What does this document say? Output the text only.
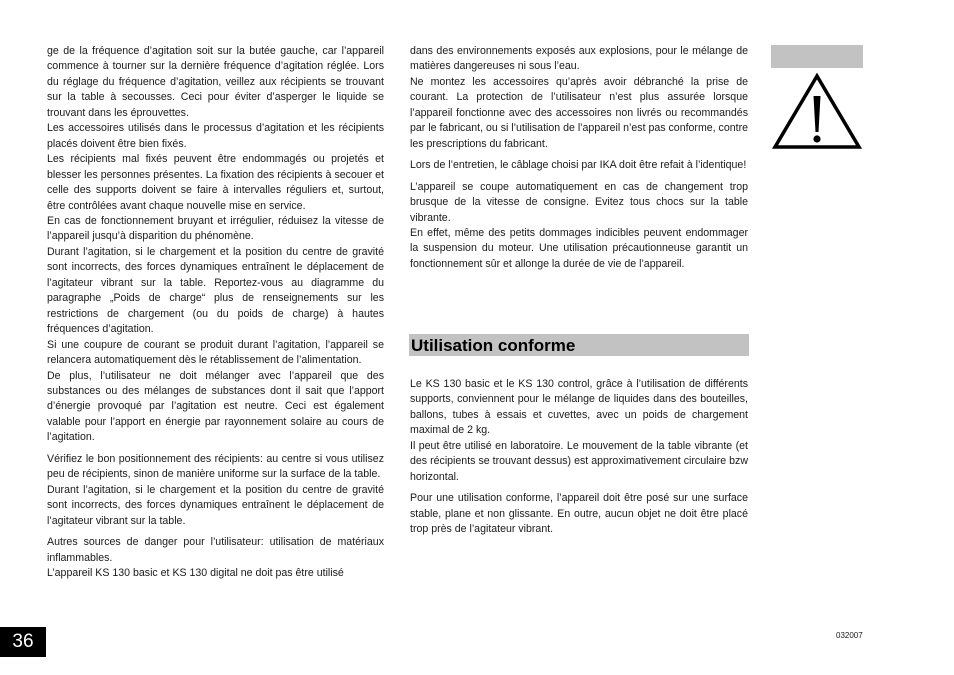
ge de la fréquence d’agitation soit sur la butée gauche, car l’appareil commence à tourner sur la dernière fréquence d’agitation réglée. Lors du réglage du fréquence d’agitation, veillez aux récipients se trouvant sur la table à secousses. Ceci pour éviter d’asperger le liquide se trouvant dans les éprouvettes.

Les accessoires utilisés dans le processus d’agitation et les récipients placés doivent être bien fixés.

Les récipients mal fixés peuvent être endommagés ou projetés et blesser les personnes présentes. La fixation des récipients à secouer et celle des supports doivent se faire à intervalles réguliers et, surtout, être contrôlées avant chaque nouvelle mise en service.

En cas de fonctionnement bruyant et irrégulier, réduisez la vitesse de l’appareil jusqu’à disparition du phénomène.

Durant l’agitation, si le chargement et la position du centre de gravité sont incorrects, des forces dynamiques entraînent le déplacement de l’agitateur vibrant sur la table. Reportez-vous au diagramme du paragraphe „Poids de charge“ plus de renseignements sur les restrictions de chargement (ou du poids de charge) à hautes fréquences d’agitation.

Si une coupure de courant se produit durant l’agitation, l’appareil se relancera automatiquement dès le rétablissement de l’alimentation.

De plus, l’utilisateur ne doit mélanger avec l’appareil que des substances ou des mélanges de substances dont il sait que l’apport d’énergie provoqué par l’agitation est neutre. Ceci est également valable pour l’apport en énergie par rayonnement solaire au cours de l’agitation.

Vérifiez le bon positionnement des récipients: au centre si vous utilisez peu de récipients, sinon de manière uniforme sur la surface de la table.

Durant l’agitation, si le chargement et la position du centre de gravité sont incorrects, des forces dynamiques entraînent le déplacement de l’agitateur vibrant sur la table.

Autres sources de danger pour l’utilisateur: utilisation de matériaux inflammables.

L’appareil KS 130 basic et KS 130 digital ne doit pas être utilisé

dans des environnements exposés aux explosions, pour le mélange de matières dangereuses ni sous l’eau.

Ne montez les accessoires qu’après avoir débranché la prise de courant. La protection de l’utilisateur n’est plus assurée lorsque l’appareil fonctionne avec des accessoires non livrés ou recommandés par le fabricant, ou si l’utilisation de l’appareil n’est pas conforme, contre les prescriptions du fabricant.

Lors de l’entretien, le câblage choisi par IKA doit être refait à l’identique!

L’appareil se coupe automatiquement en cas de changement trop brusque de la vitesse de consigne. Evitez tous chocs sur la table vibrante.

En effet, même des petits dommages indicibles peuvent endommager la suspension du moteur. Une utilisation précautionneuse garantit un fonctionnement sûr et allonge la durée de vie de l’appareil.

Utilisation conforme

Le KS 130 basic et le KS 130 control, grâce à l’utilisation de différents supports, conviennent pour le mélange de liquides dans des bouteilles, ballons, tubes à essais et cuvettes, avec un poids de chargement maximal de 2 kg.

Il peut être utilisé en laboratoire. Le mouvement de la table vibrante (et des récipients se trouvant dessus) est approximativement circulaire bzw horizontal.

Pour une utilisation conforme, l’appareil doit être posé sur une surface stable, plane et non glissante. En outre, aucun objet ne doit être placé trop près de l’agitateur vibrant.

36	032007
